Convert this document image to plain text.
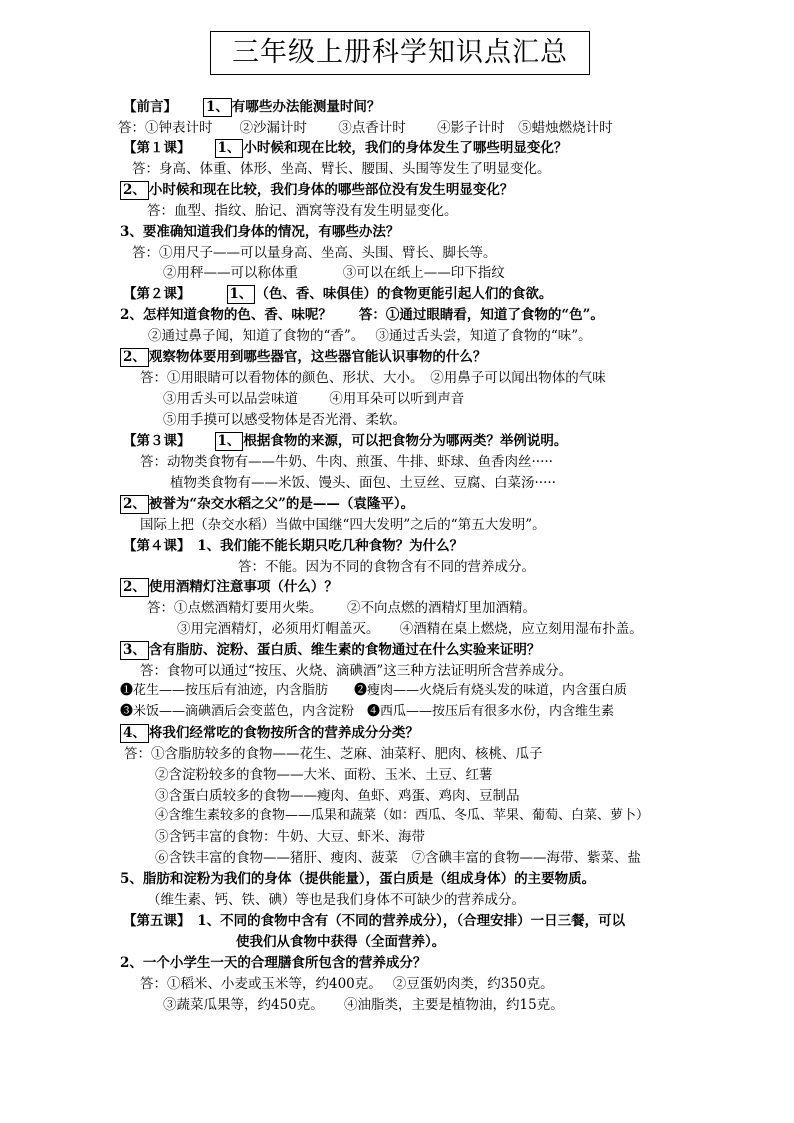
三年级上册科学知识点汇总
【前言】 1、 有哪些办法能测量时间？
答：①钟表计时　　②沙漏计时　　 ③点香计时　　 ④影子计时　⑤蜡烛燃烧计时
【第１课】 1、 小时候和现在比较，我们的身体发生了哪些明显变化？
答：身高、体重、体形、坐高、臂长、腰围、头围等发生了明显变化。
2、 小时候和现在比较，我们身体的哪些部位没有发生明显变化？
答：血型、指纹、胎记、酒窝等没有发生明显变化。
3、要准确知道我们身体的情况，有哪些办法？
答：①用尺子——可以量身高、坐高、头围、臂长、脚长等。
②用秤——可以称体重　　　 ③可以在纸上——印下指纹
【第２课】	1、 （色、香、味俱佳）的食物更能引起人们的食欲。
2、怎样知道食物的色、香、味呢？　　答：①通过眼睛看，知道了食物的“色”。
②通过鼻子闻，知道了食物的“香”。　 ③通过舌头尝，知道了食物的“味”。
2、 观察物体要用到哪些器官，这些器官能认识事物的什么？
答：①用眼睛可以看物体的颜色、形状、大小。　②用鼻子可以闻出物体的气味
③用舌头可以品尝味道　　 ④用耳朵可以听到声音
⑤用手摸可以感受物体是否光滑、柔软。
【第３课】 1、 根据食物的来源，可以把食物分为哪两类？举例说明。
答：动物类食物有——牛奶、牛肉、煎蛋、牛排、虾球、鱼香肉丝·····
植物类食物有——米饭、馒头、面包、土豆丝、豆腐、白菜汤·····
2、 被誉为“杂交水稻之父”的是——（袁隆平）。
国际上把（杂交水稻）当做中国继“四大发明”之后的“第五大发明”。
【第４课】　1、我们能不能长期只吃几种食物？为什么？
答：不能。因为不同的食物含有不同的营养成分。
2、 使用酒精灯注意事项（什么）？
答：①点燃酒精灯要用火柴。　　 ②不向点燃的酒精灯里加酒精。
③用完酒精灯，必须用灯帽盖灭。　　④酒精在桌上燃烧，应立刻用湿布扑盖。
3、 含有脂肪、淀粉、蛋白质、维生素的食物通过在什么实验来证明？
答：食物可以通过“按压、火烧、滴碘酒”这三种方法证明所含营养成分。
❶花生——按压后有油迹，内含脂肪　　❷瘦肉——火烧后有烧头发的味道，内含蛋白质
❸米饭——滴碘酒后会变蓝色，内含淀粉　❹西瓜——按压后有很多水份，内含维生素
4、 将我们经常吃的食物按所含的营养成分分类？
答：①含脂肪较多的食物——花生、芝麻、油菜籽、肥肉、核桃、瓜子
②含淀粉较多的食物——大米、面粉、玉米、土豆、红薯
③含蛋白质较多的食物——瘦肉、鱼虾、鸡蛋、鸡肉、豆制品
④含维生素较多的食物——瓜果和蔬菜（如：西瓜、冬瓜、苹果、葡萄、白菜、萝卜）
⑤含钙丰富的食物：牛奶、大豆、虾米、海带
⑥含铁丰富的食物——猪肝、瘦肉、菠菜　⑦含碘丰富的食物——海带、紫菜、盐
5、脂肪和淀粉为我们的身体（提供能量），蛋白质是（组成身体）的主要物质。
（维生素、钙、铁、碘）等也是我们身体不可缺少的营养成分。
【第五课】　1、不同的食物中含有（不同的营养成分），（合理安排）一日三餐，可以
使我们从食物中获得（全面营养）。
2、一个小学生一天的合理膳食所包含的营养成分？
答：①稻米、小麦或玉米等，约400克。　 ②豆蛋奶肉类，约350克。
③蔬菜瓜果等，约450克。　　④油脂类，主要是植物油，约15克。
